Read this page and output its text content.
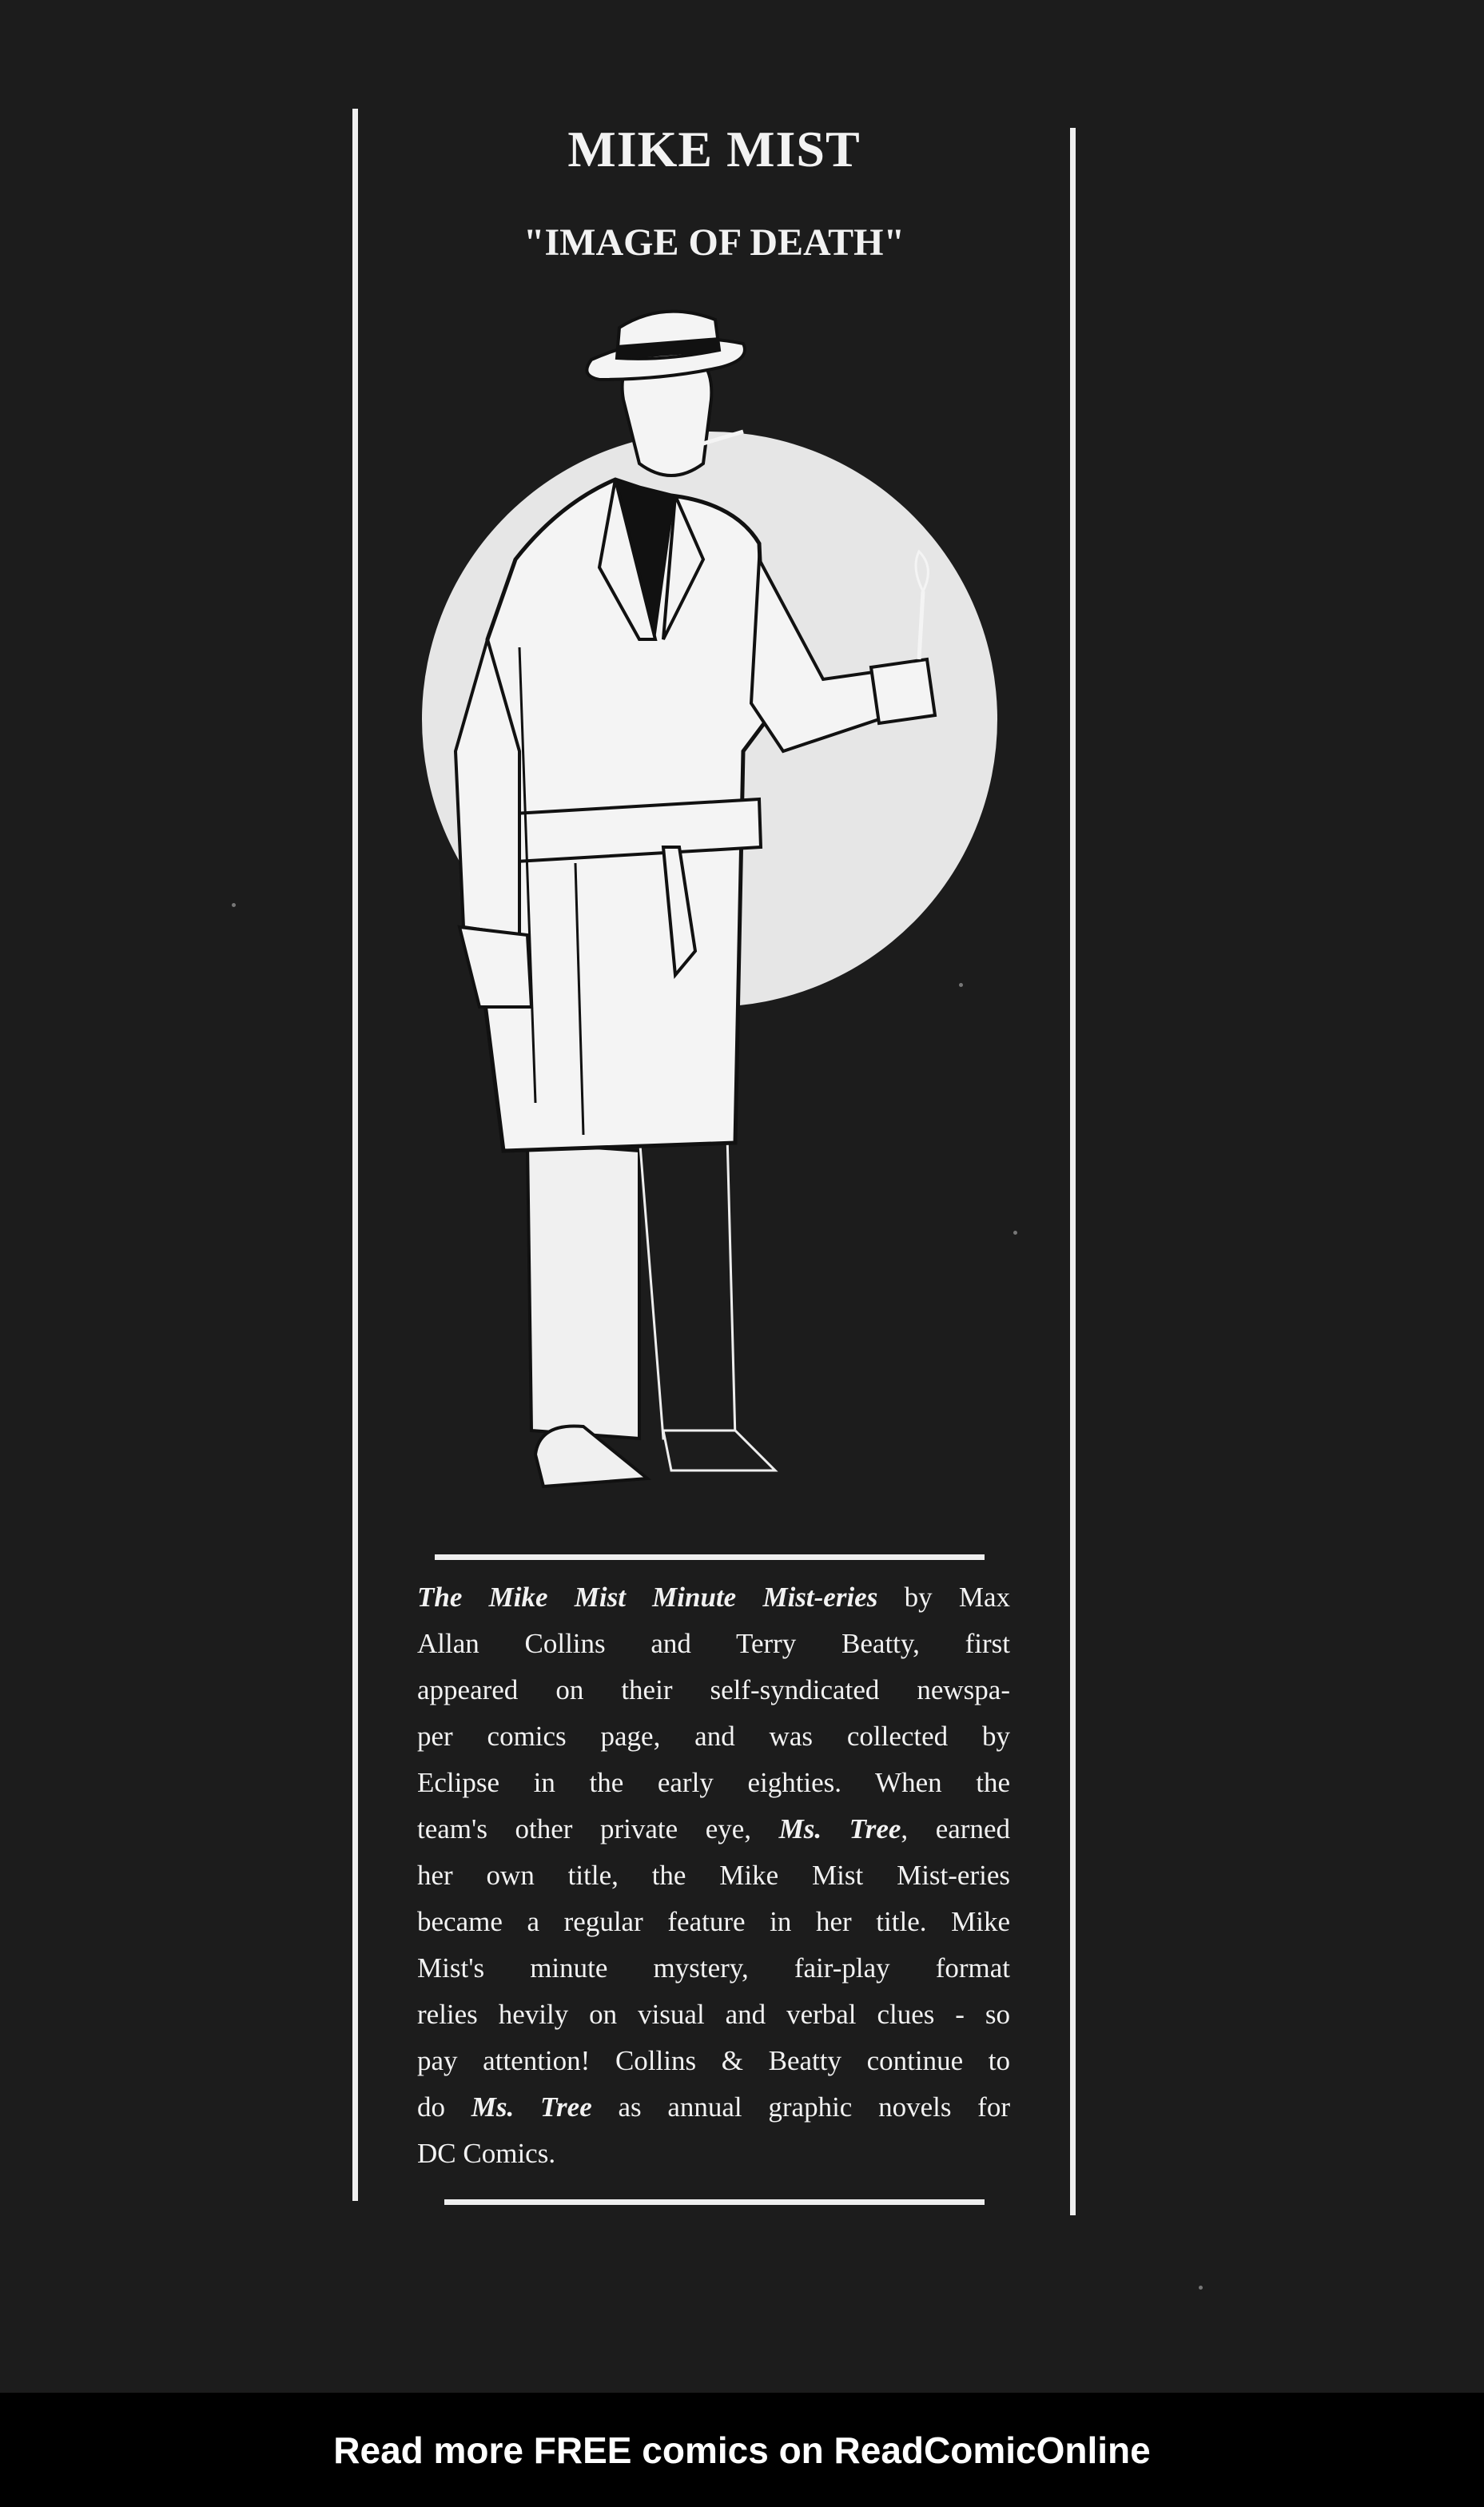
MIKE MIST
"IMAGE OF DEATH"
The Mike Mist Minute Mist-eries by Max
Allan Collins and Terry Beatty, first
appeared on their self-syndicated newspa-
per comics page, and was collected by
Eclipse in the early eighties. When the
team's other private eye, Ms. Tree, earned
her own title, the Mike Mist Mist-eries
became a regular feature in her title. Mike
Mist's minute mystery, fair-play format
relies hevily on visual and verbal clues - so
pay attention! Collins & Beatty continue to
do Ms. Tree as annual graphic novels for
DC Comics.
Read more FREE comics on ReadComicOnline
